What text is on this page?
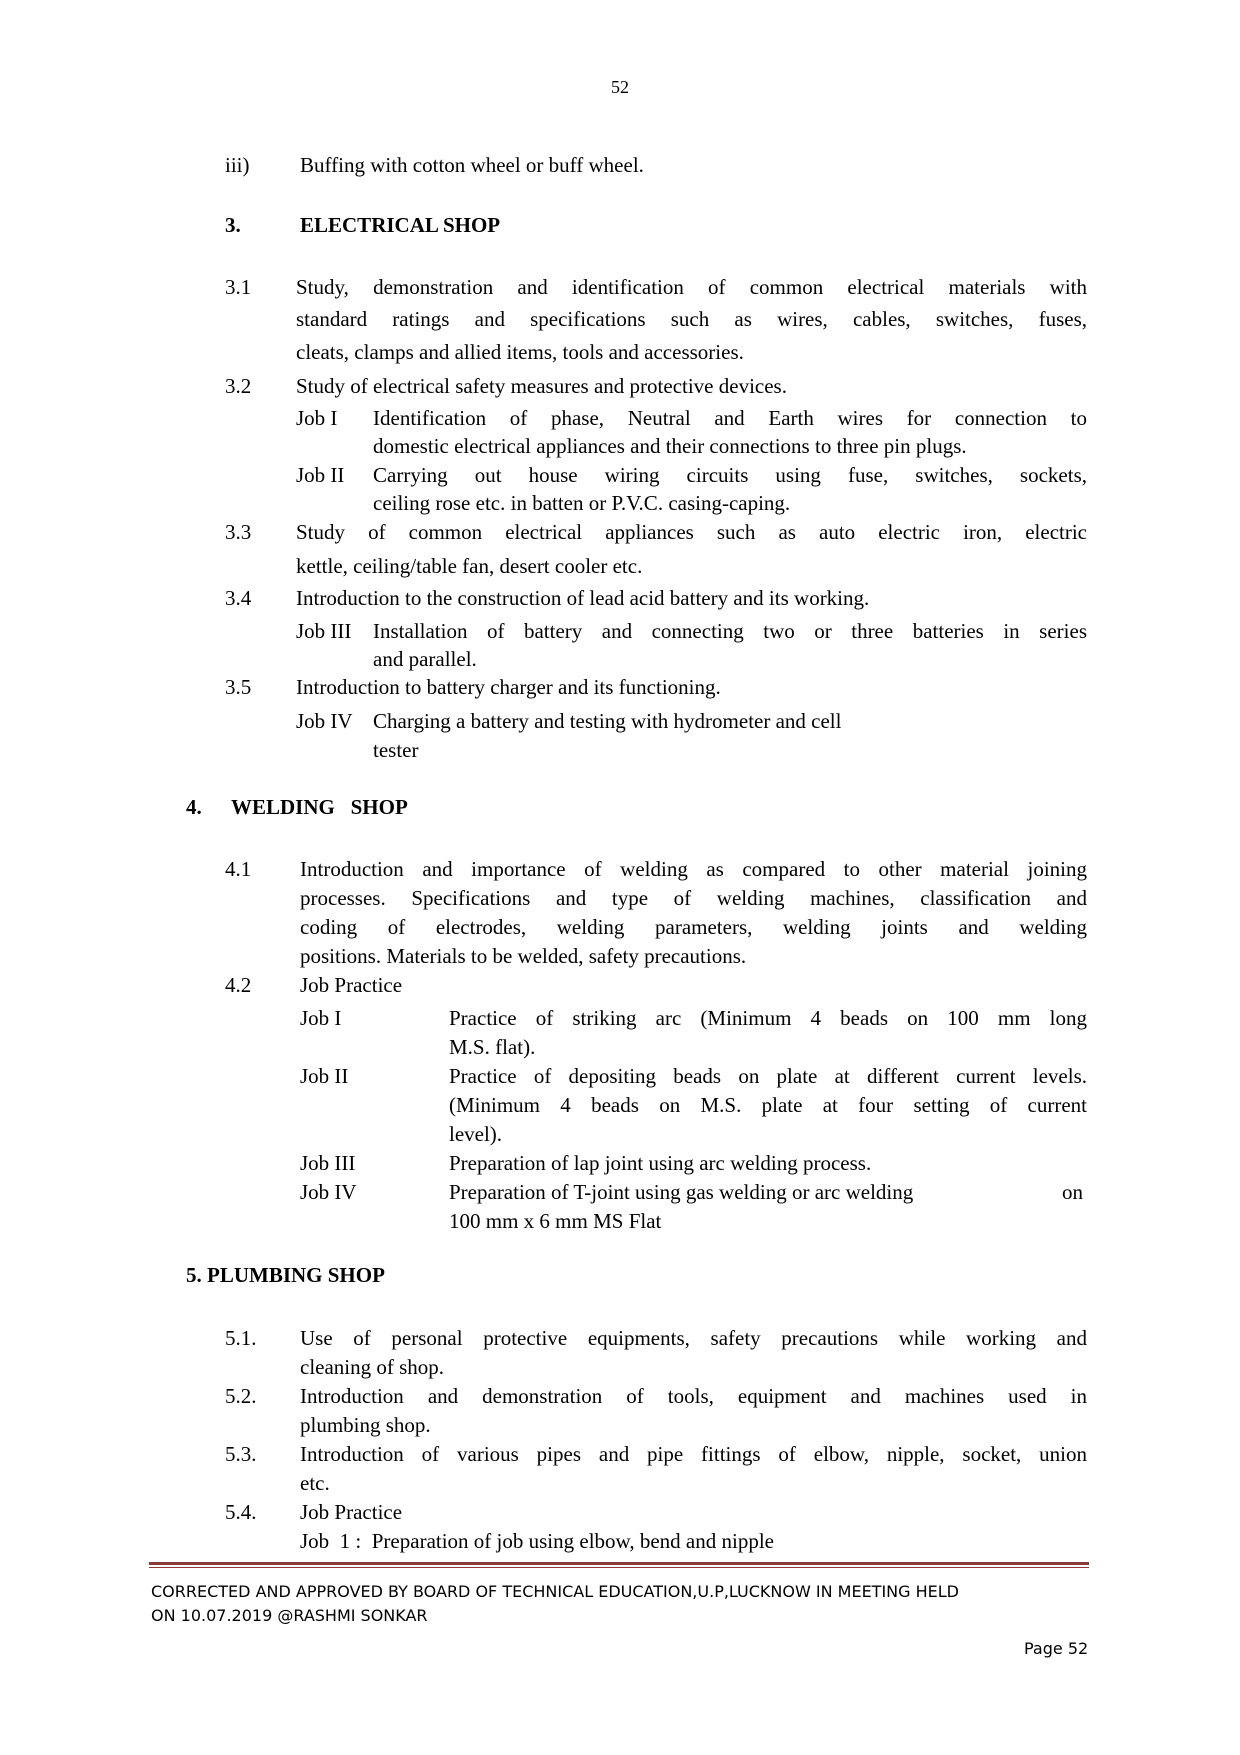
52
iii) Buffing with cotton wheel or buff wheel.
3.	ELECTRICAL SHOP
3.1 Study, demonstration and identification of common electrical materials with
standard ratings and specifications such as wires, cables, switches, fuses,
cleats, clamps and allied items, tools and accessories.
3.2 Study of electrical safety measures and protective devices.
Job I Identification of phase, Neutral and Earth wires for connection to
domestic electrical appliances and their connections to three pin plugs.
Job II Carrying out house wiring circuits using fuse, switches, sockets,
ceiling rose etc. in batten or P.V.C. casing-caping.
3.3 Study of common electrical appliances such as auto electric iron, electric
kettle, ceiling/table fan, desert cooler etc.
3.4 Introduction to the construction of lead acid battery and its working.
Job III Installation of battery and connecting two or three batteries in series
and parallel.
3.5 Introduction to battery charger and its functioning.
Job IV Charging a battery and testing with hydrometer and cell
tester
4. WELDING   SHOP
4.1 Introduction and importance of welding as compared to other material joining
processes. Specifications and type of welding machines, classification and
coding of electrodes, welding parameters, welding joints and welding
positions. Materials to be welded, safety precautions.
4.2 Job Practice
Job I	Practice of striking arc (Minimum 4 beads on 100 mm long
M.S. flat).
Job II	Practice of depositing beads on plate at different current levels.
(Minimum 4 beads on M.S. plate at four setting of current
level).
Job III	Preparation of lap joint using arc welding process.
Job IV	Preparation of T-joint using gas welding or arc welding	on
100 mm x 6 mm MS Flat
5. PLUMBING SHOP
5.1. Use of personal protective equipments, safety precautions while working and
cleaning of shop.
5.2. Introduction and demonstration of tools, equipment and machines used in
plumbing shop.
5.3. Introduction of various pipes and pipe fittings of elbow, nipple, socket, union
etc.
5.4. Job Practice
Job  1 :  Preparation of job using elbow, bend and nipple
CORRECTED AND APPROVED BY BOARD OF TECHNICAL EDUCATION,U.P,LUCKNOW IN MEETING HELD
ON 10.07.2019 @RASHMI SONKAR
Page 52
